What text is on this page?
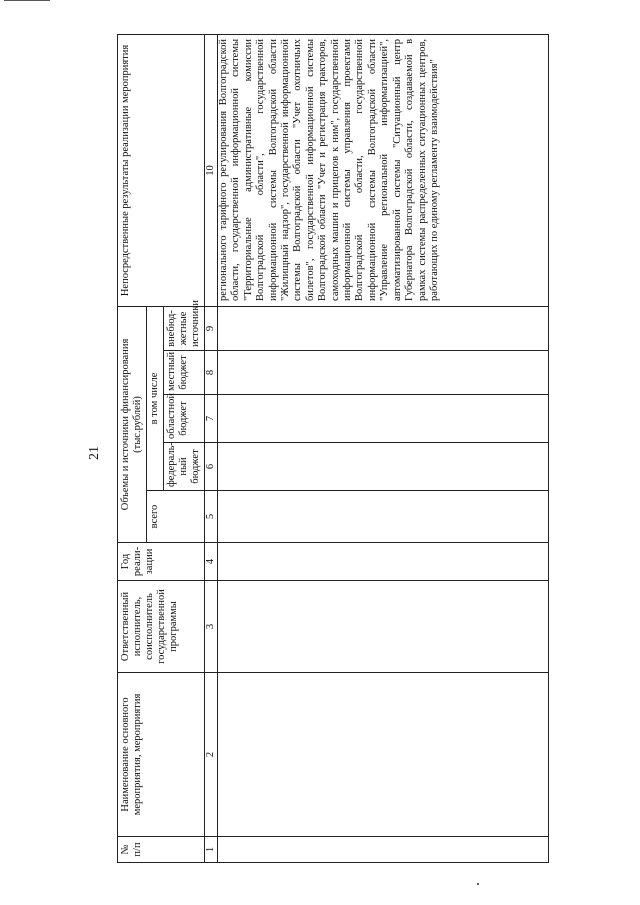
21
№ п/п	Наименование основного мероприятия, мероприятия	Ответственный исполнитель, соисполнитель государственной программы	Год реали-зации	Объемы и источники финансирования (тыс.рублей)					Непосредственные результаты реализации мероприятия
				всего	в том числе				
					федераль-ный бюджет	областной бюджет	местный бюджет	внебюд-жетные источники	
1	2	3	4	5	6	7	8	9	10
									регионального тарифного регулирования Волгоградской области, государственной информационной системы "Территориальные административные комиссии Волгоградской области", государственной информационной системы Волгоградской области "Жилищный надзор", государственной информационной системы Волгоградской области "Учет охотничьих билетов", государственной информационной системы Волгоградской области "Учет и регистрация тракторов, самоходных машин и прицепов к ним", государственной информационной системы управления проектами Волгоградской области, государственной информационной системы Волгоградской области "Управление региональной информатизацией", автоматизированной системы "Ситуационный центр Губернатора Волгоградской области, создаваемой в рамках системы распределенных ситуационных центров, работающих по единому регламенту взаимодействия"
